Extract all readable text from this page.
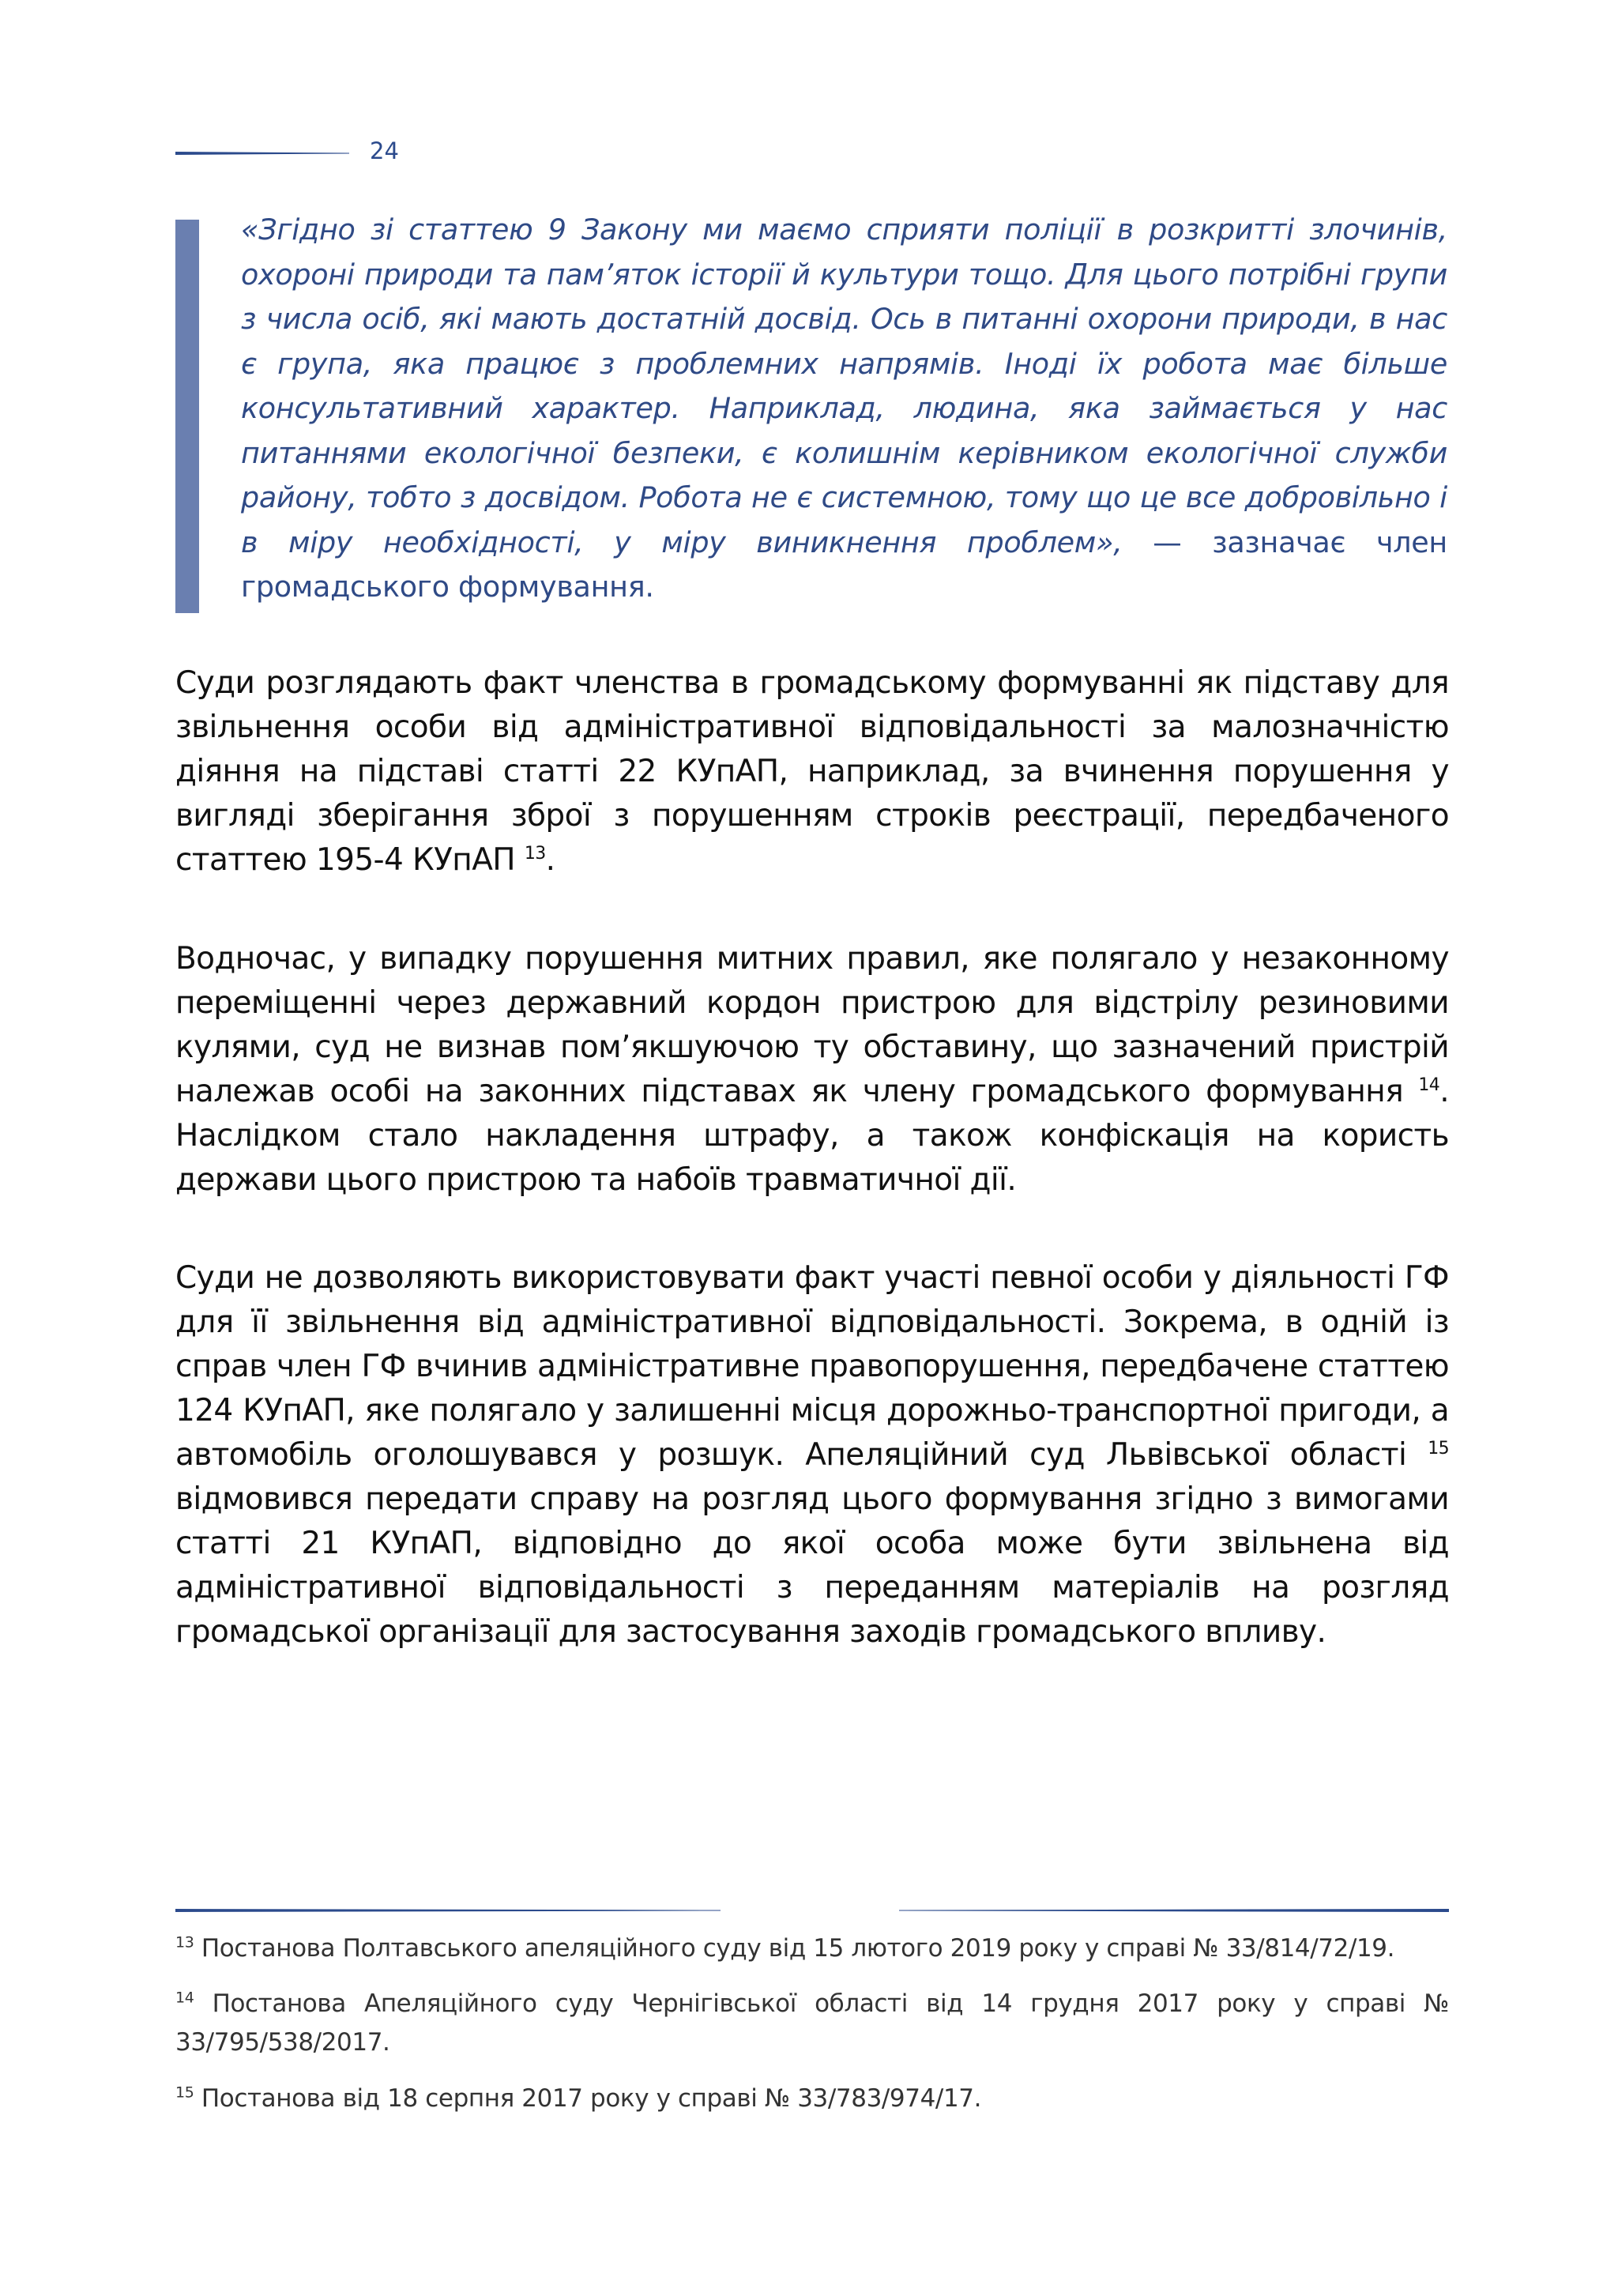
24

«Згідно зі статтею 9 Закону ми маємо сприяти поліції в розкритті злочинів, охороні природи та пам’яток історії й культури тощо. Для цього потрібні групи з числа осіб, які мають достатній досвід. Ось в питанні охорони природи, в нас є група, яка працює з проблемних напрямів. Іноді їх робота має більше консультативний характер. Наприклад, людина, яка займається у нас питаннями екологічної безпеки, є колишнім керівником екологічної служби району, тобто з досвідом. Робота не є системною, тому що це все добровільно і в міру необхідності, у міру виникнення проблем», — зазначає член громадського формування.

Суди розглядають факт членства в громадському формуванні як підставу для звільнення особи від адміністративної відповідальності за малозначністю діяння на підставі статті 22 КУпАП, наприклад, за вчинення порушення у вигляді зберігання зброї з порушенням строків реєстрації, передбаченого статтею 195-4 КУпАП $^{13}$.

Водночас, у випадку порушення митних правил, яке полягало у незаконному переміщенні через державний кордон пристрою для відстрілу резиновими кулями, суд не визнав пом’якшуючою ту обставину, що зазначений пристрій належав особі на законних підставах як члену громадського формування $^{14}$. Наслідком стало накладення штрафу, а також конфіскація на користь держави цього пристрою та набоїв травматичної дії.

Суди не дозволяють використовувати факт участі певної особи у діяльності ГФ для її звільнення від адміністративної відповідальності. Зокрема, в одній із справ член ГФ вчинив адміністративне правопорушення, передбачене статтею 124 КУпАП, яке полягало у залишенні місця дорожньо-транспортної пригоди, а автомобіль оголошувався у розшук. Апеляційний суд Львівської області $^{15}$ відмовився передати справу на розгляд цього формування згідно з вимогами статті 21 КУпАП, відповідно до якої особа може бути звільнена від адміністративної відповідальності з переданням матеріалів на розгляд громадської організації для застосування заходів громадського впливу.

$^{13}$ Постанова Полтавського апеляційного суду від 15 лютого 2019 року у справі № 33/814/72/19.

$^{14}$ Постанова Апеляційного суду Чернігівської області від 14 грудня 2017 року у справі № 33/795/538/2017.

$^{15}$ Постанова від 18 серпня 2017 року у справі № 33/783/974/17.
